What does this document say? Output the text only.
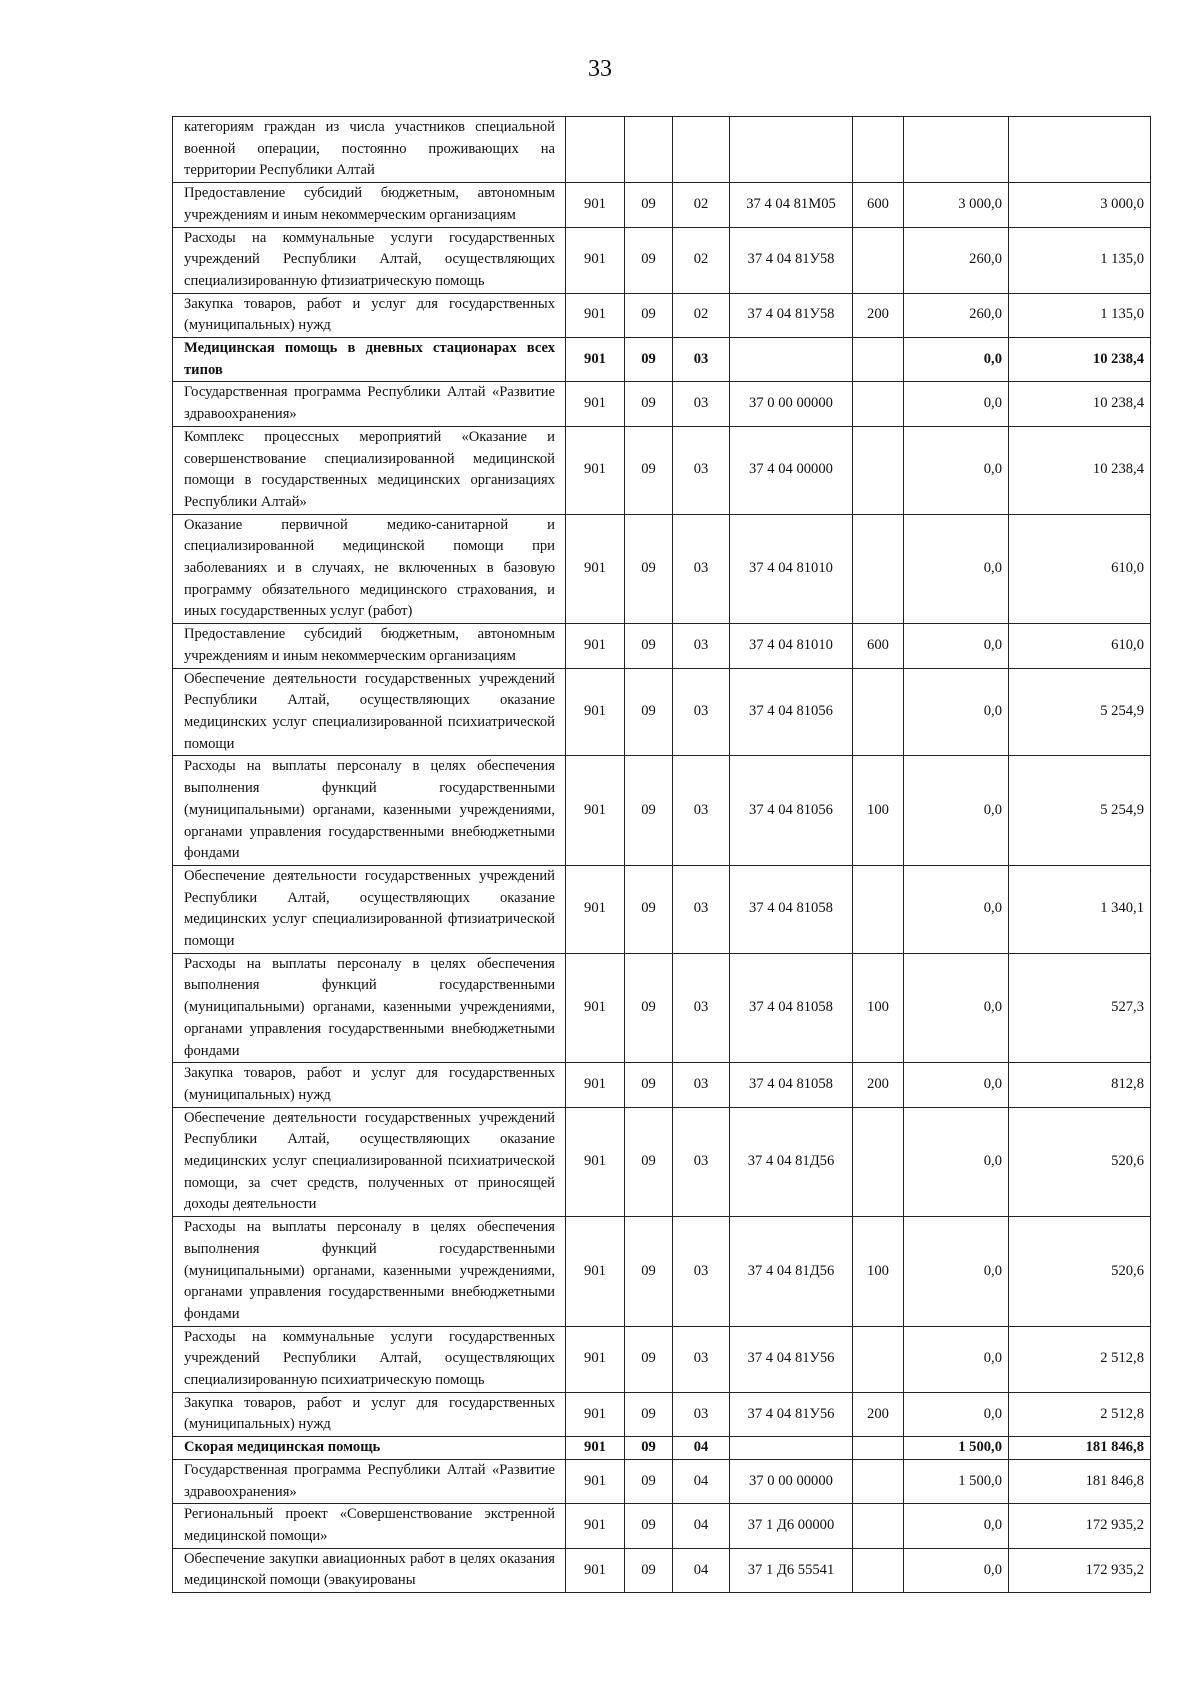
33
категориям граждан из числа участников специальной военной операции, постоянно проживающих на территории Республики Алтай							
Предоставление субсидий бюджетным, автономным учреждениям и иным некоммерческим организациям	901	09	02	37 4 04 81М05	600	3 000,0	3 000,0
Расходы на коммунальные услуги государственных учреждений Республики Алтай, осуществляющих специализированную фтизиатрическую помощь	901	09	02	37 4 04 81У58		260,0	1 135,0
Закупка товаров, работ и услуг для государственных (муниципальных) нужд	901	09	02	37 4 04 81У58	200	260,0	1 135,0
Медицинская помощь в дневных стационарах всех типов	901	09	03			0,0	10 238,4
Государственная программа Республики Алтай «Развитие здравоохранения»	901	09	03	37 0 00 00000		0,0	10 238,4
Комплекс процессных мероприятий «Оказание и совершенствование специализированной медицинской помощи в государственных медицинских организациях Республики Алтай»	901	09	03	37 4 04 00000		0,0	10 238,4
Оказание первичной медико-санитарной и специализированной медицинской помощи при заболеваниях и в случаях, не включенных в базовую программу обязательного медицинского страхования, и иных государственных услуг (работ)	901	09	03	37 4 04 81010		0,0	610,0
Предоставление субсидий бюджетным, автономным учреждениям и иным некоммерческим организациям	901	09	03	37 4 04 81010	600	0,0	610,0
Обеспечение деятельности государственных учреждений Республики Алтай, осуществляющих оказание медицинских услуг специализированной психиатрической помощи	901	09	03	37 4 04 81056		0,0	5 254,9
Расходы на выплаты персоналу в целях обеспечения выполнения функций государственными (муниципальными) органами, казенными учреждениями, органами управления государственными внебюджетными фондами	901	09	03	37 4 04 81056	100	0,0	5 254,9
Обеспечение деятельности государственных учреждений Республики Алтай, осуществляющих оказание медицинских услуг специализированной фтизиатрической помощи	901	09	03	37 4 04 81058		0,0	1 340,1
Расходы на выплаты персоналу в целях обеспечения выполнения функций государственными (муниципальными) органами, казенными учреждениями, органами управления государственными внебюджетными фондами	901	09	03	37 4 04 81058	100	0,0	527,3
Закупка товаров, работ и услуг для государственных (муниципальных) нужд	901	09	03	37 4 04 81058	200	0,0	812,8
Обеспечение деятельности государственных учреждений Республики Алтай, осуществляющих оказание медицинских услуг специализированной психиатрической помощи, за счет средств, полученных от приносящей доходы деятельности	901	09	03	37 4 04 81Д56		0,0	520,6
Расходы на выплаты персоналу в целях обеспечения выполнения функций государственными (муниципальными) органами, казенными учреждениями, органами управления государственными внебюджетными фондами	901	09	03	37 4 04 81Д56	100	0,0	520,6
Расходы на коммунальные услуги государственных учреждений Республики Алтай, осуществляющих специализированную психиатрическую помощь	901	09	03	37 4 04 81У56		0,0	2 512,8
Закупка товаров, работ и услуг для государственных (муниципальных) нужд	901	09	03	37 4 04 81У56	200	0,0	2 512,8
Скорая медицинская помощь	901	09	04			1 500,0	181 846,8
Государственная программа Республики Алтай «Развитие здравоохранения»	901	09	04	37 0 00 00000		1 500,0	181 846,8
Региональный проект «Совершенствование экстренной медицинской помощи»	901	09	04	37 1 Д6 00000		0,0	172 935,2
Обеспечение закупки авиационных работ в целях оказания медицинской помощи (эвакуированы	901	09	04	37 1 Д6 55541		0,0	172 935,2
